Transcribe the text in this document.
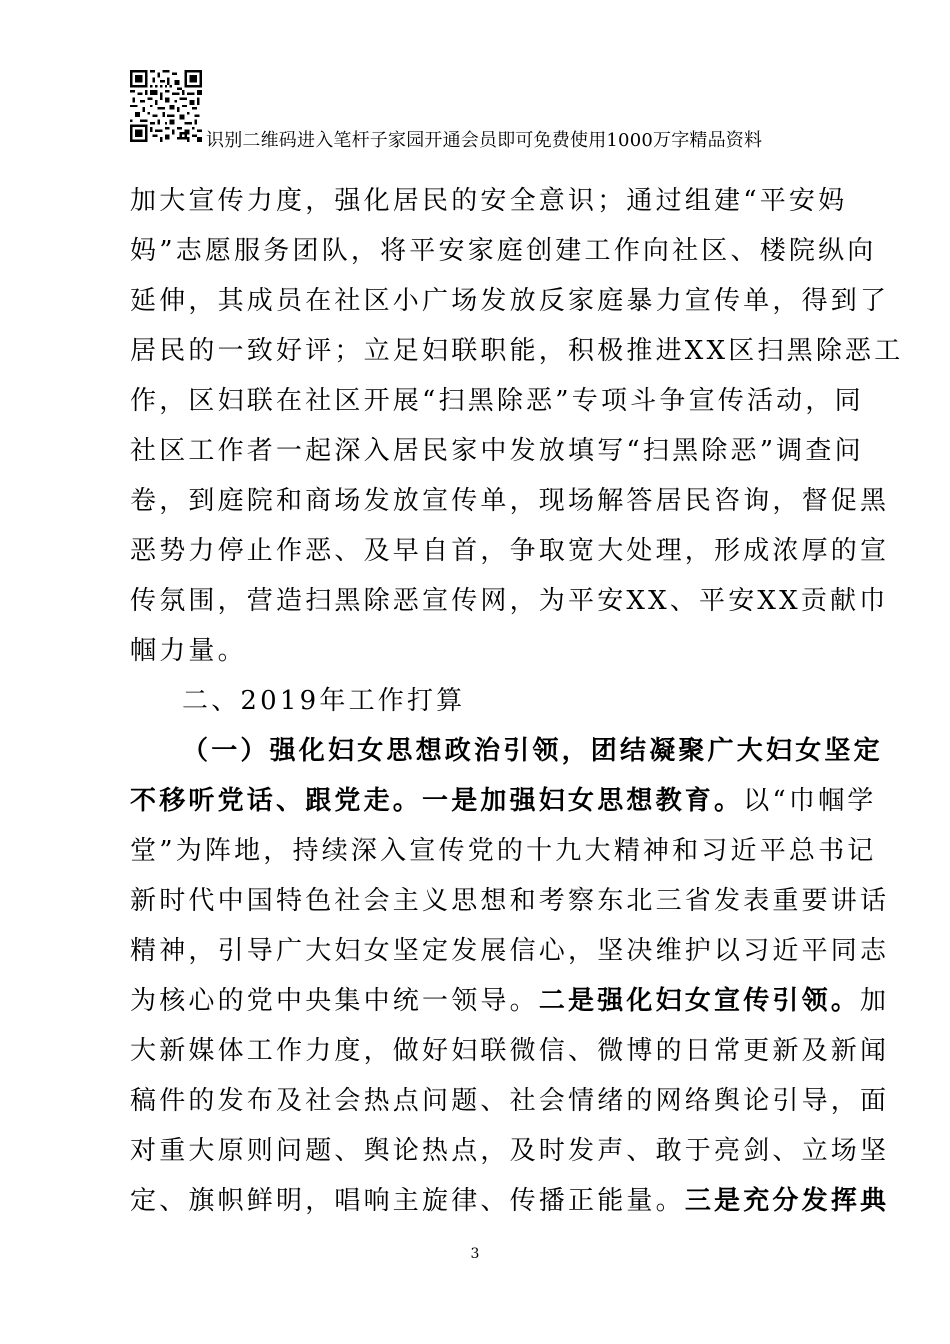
识别二维码进入笔杆子家园开通会员即可免费使用1000万字精品资料
加大宣传力度，强化居民的安全意识；通过组建“平安妈
妈”志愿服务团队，将平安家庭创建工作向社区、楼院纵向
延伸，其成员在社区小广场发放反家庭暴力宣传单，得到了
居民的一致好评；立足妇联职能，积极推进XX区扫黑除恶工
作，区妇联在社区开展“扫黑除恶”专项斗争宣传活动，同
社区工作者一起深入居民家中发放填写“扫黑除恶”调查问
卷，到庭院和商场发放宣传单，现场解答居民咨询，督促黑
恶势力停止作恶、及早自首，争取宽大处理，形成浓厚的宣
传氛围，营造扫黑除恶宣传网，为平安XX、平安XX贡献巾
帼力量。
二、2019年工作打算
（一）强化妇女思想政治引领，团结凝聚广大妇女坚定
不移听党话、跟党走。一是加强妇女思想教育。以“巾帼学
堂”为阵地，持续深入宣传党的十九大精神和习近平总书记
新时代中国特色社会主义思想和考察东北三省发表重要讲话
精神，引导广大妇女坚定发展信心，坚决维护以习近平同志
为核心的党中央集中统一领导。二是强化妇女宣传引领。加
大新媒体工作力度，做好妇联微信、微博的日常更新及新闻
稿件的发布及社会热点问题、社会情绪的网络舆论引导，面
对重大原则问题、舆论热点，及时发声、敢于亮剑、立场坚
定、旗帜鲜明，唱响主旋律、传播正能量。三是充分发挥典
3
